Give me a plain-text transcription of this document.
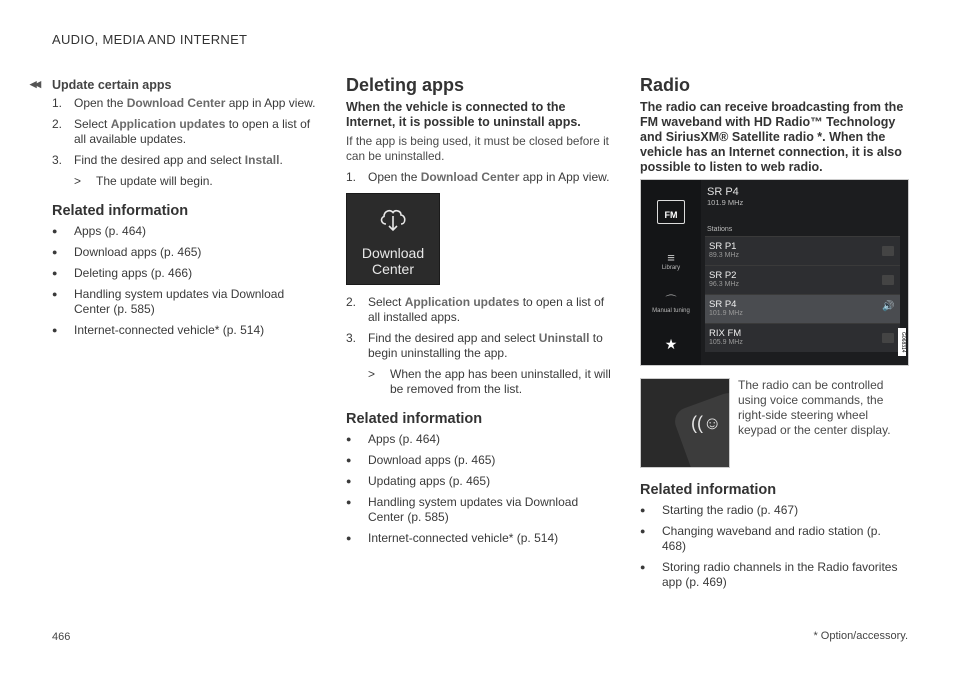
AUDIO, MEDIA AND INTERNET
◂◂ Update certain apps
1. Open the Download Center app in App view.
2. Select Application updates to open a list of all available updates.
3. Find the desired app and select Install.
>	The update will begin.
Related information
●	Apps (p. 464)
●	Download apps (p. 465)
●	Deleting apps (p. 466)
●	Handling system updates via Download Center (p. 585)
●	Internet-connected vehicle* (p. 514)
Deleting apps

When the vehicle is connected to the Internet, it is possible to uninstall apps.

If the app is being used, it must be closed before it can be uninstalled.

1. Open the Download Center app in App view.
Download
Center
2. Select Application updates to open a list of all installed apps.
3. Find the desired app and select Uninstall to begin uninstalling the app.
>	When the app has been uninstalled, it will be removed from the list.
Related information
●	Apps (p. 464)
●	Download apps (p. 465)
●	Updating apps (p. 465)
●	Handling system updates via Download Center (p. 585)
●	Internet-connected vehicle* (p. 514)
Radio

The radio can receive broadcasting from the FM waveband with HD Radio™ Technology and SiriusXM® Satellite radio *. When the vehicle has an Internet connection, it is also possible to listen to web radio.

FM
≡
Library
⌒
Manual tuning
★
SR P4
101.9 MHz
Stations
SR P1
89.3 MHz
SR P2
96.3 MHz
SR P4
101.9 MHz
🔊
RIX FM
105.9 MHz	G068314
((☺
The radio can be controlled using voice commands, the right-side steering wheel keypad or the center display.
Related information
●	Starting the radio (p. 467)
●	Changing waveband and radio station (p. 468)
●	Storing radio channels in the Radio favorites app (p. 469)
466	* Option/accessory.
